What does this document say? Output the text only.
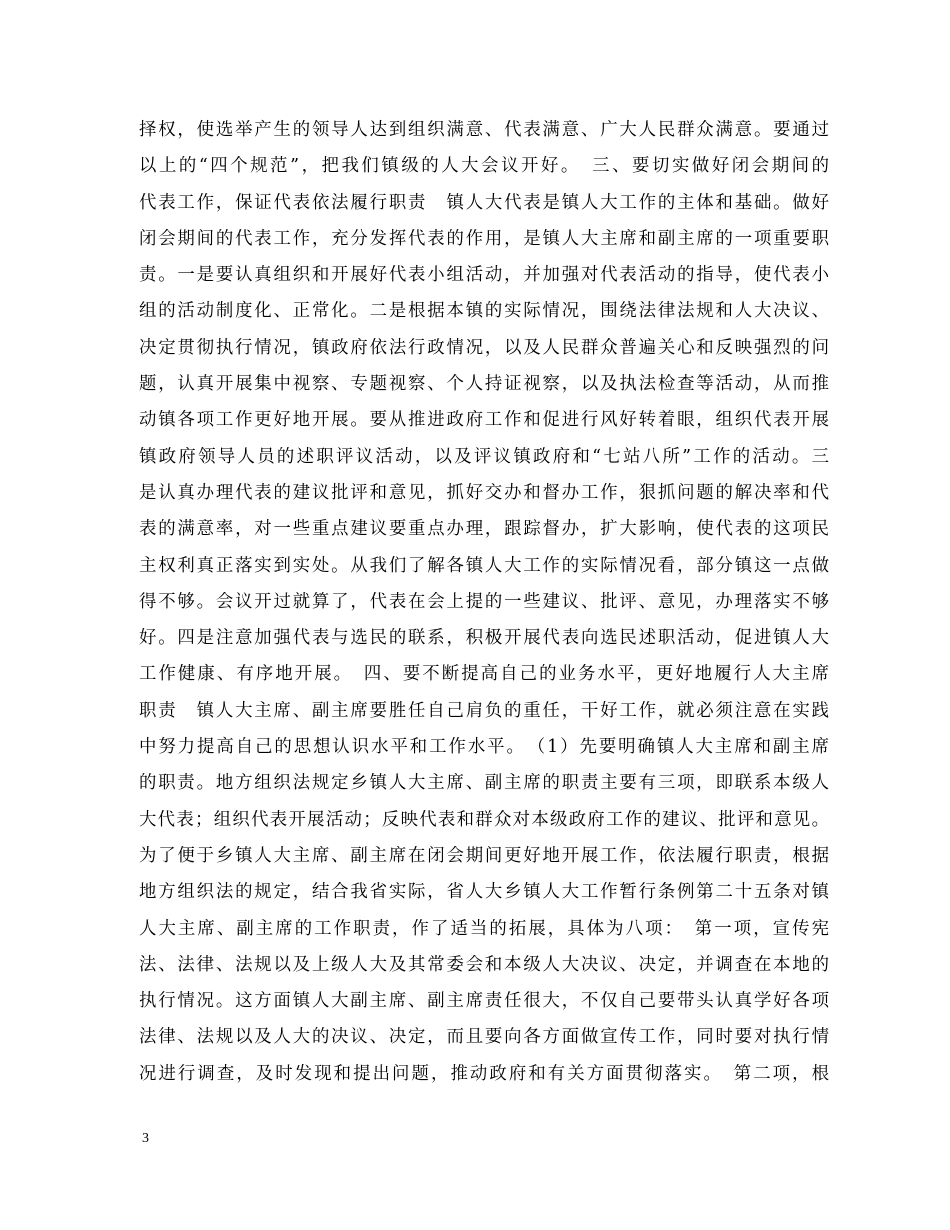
择权，使选举产生的领导人达到组织满意、代表满意、广大人民群众满意。要通过
以上的“四个规范”，把我们镇级的人大会议开好。　三、要切实做好闭会期间的
代表工作，保证代表依法履行职责　镇人大代表是镇人大工作的主体和基础。做好
闭会期间的代表工作，充分发挥代表的作用，是镇人大主席和副主席的一项重要职
责。一是要认真组织和开展好代表小组活动，并加强对代表活动的指导，使代表小
组的活动制度化、正常化。二是根据本镇的实际情况，围绕法律法规和人大决议、
决定贯彻执行情况，镇政府依法行政情况，以及人民群众普遍关心和反映强烈的问
题，认真开展集中视察、专题视察、个人持证视察，以及执法检查等活动，从而推
动镇各项工作更好地开展。要从推进政府工作和促进行风好转着眼，组织代表开展
镇政府领导人员的述职评议活动，以及评议镇政府和“七站八所”工作的活动。三
是认真办理代表的建议批评和意见，抓好交办和督办工作，狠抓问题的解决率和代
表的满意率，对一些重点建议要重点办理，跟踪督办，扩大影响，使代表的这项民
主权利真正落实到实处。从我们了解各镇人大工作的实际情况看，部分镇这一点做
得不够。会议开过就算了，代表在会上提的一些建议、批评、意见，办理落实不够
好。四是注意加强代表与选民的联系，积极开展代表向选民述职活动，促进镇人大
工作健康、有序地开展。　四、要不断提高自己的业务水平，更好地履行人大主席
职责　镇人大主席、副主席要胜任自己肩负的重任，干好工作，就必须注意在实践
中努力提高自己的思想认识水平和工作水平。　（1）先要明确镇人大主席和副主席
的职责。地方组织法规定乡镇人大主席、副主席的职责主要有三项，即联系本级人
大代表；组织代表开展活动；反映代表和群众对本级政府工作的建议、批评和意见。
为了便于乡镇人大主席、副主席在闭会期间更好地开展工作，依法履行职责，根据
地方组织法的规定，结合我省实际，省人大乡镇人大工作暂行条例第二十五条对镇
人大主席、副主席的工作职责，作了适当的拓展，具体为八项：　第一项，宣传宪
法、法律、法规以及上级人大及其常委会和本级人大决议、决定，并调查在本地的
执行情况。这方面镇人大副主席、副主席责任很大，不仅自己要带头认真学好各项
法律、法规以及人大的决议、决定，而且要向各方面做宣传工作，同时要对执行情
况进行调查，及时发现和提出问题，推动政府和有关方面贯彻落实。　第二项，根
3
